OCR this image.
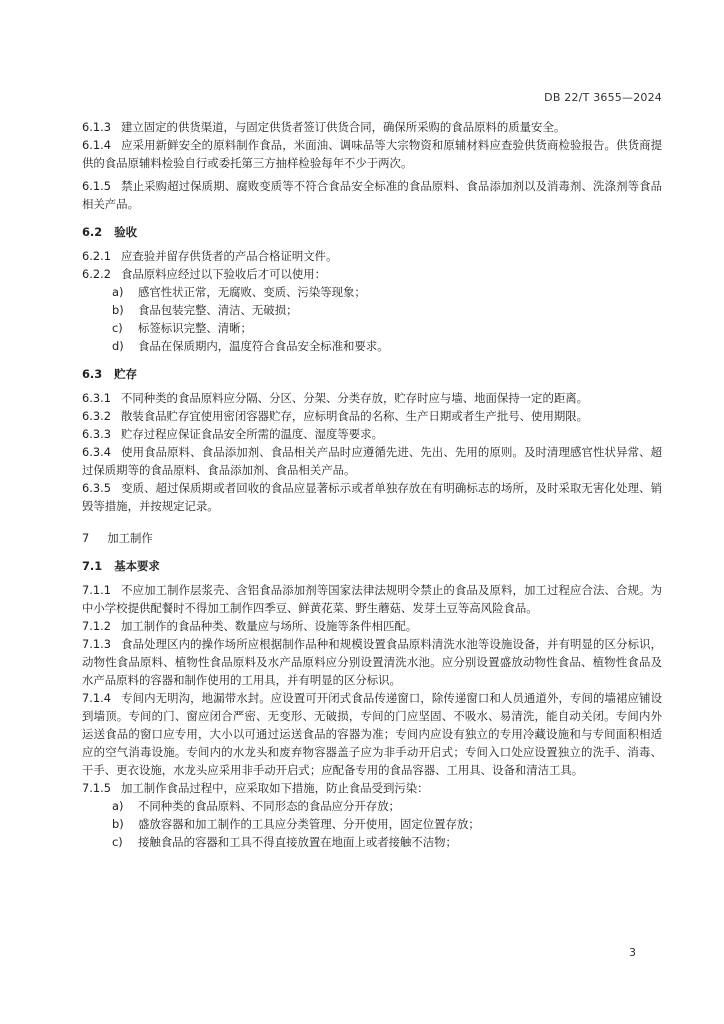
DB 22/T 3655—2024

6.1.3 建立固定的供货渠道，与固定供货者签订供货合同，确保所采购的食品原料的质量安全。

6.1.4 应采用新鲜安全的原料制作食品，米面油、调味品等大宗物资和原辅材料应查验供货商检验报告。供货商提供的食品原辅料检验自行或委托第三方抽样检验每年不少于两次。

6.1.5 禁止采购超过保质期、腐败变质等不符合食品安全标准的食品原料、食品添加剂以及消毒剂、洗涤剂等食品相关产品。

6.2 验收

6.2.1 应查验并留存供货者的产品合格证明文件。

6.2.2 食品原料应经过以下验收后才可以使用：

a) 感官性状正常，无腐败、变质、污染等现象；

b) 食品包装完整、清洁、无破损；

c) 标签标识完整、清晰；

d) 食品在保质期内，温度符合食品安全标准和要求。

6.3 贮存

6.3.1 不同种类的食品原料应分隔、分区、分架、分类存放，贮存时应与墙、地面保持一定的距离。

6.3.2 散装食品贮存宜使用密闭容器贮存，应标明食品的名称、生产日期或者生产批号、使用期限。

6.3.3 贮存过程应保证食品安全所需的温度、湿度等要求。

6.3.4 使用食品原料、食品添加剂、食品相关产品时应遵循先进、先出、先用的原则。及时清理感官性状异常、超过保质期等的食品原料、食品添加剂、食品相关产品。

6.3.5 变质、超过保质期或者回收的食品应显著标示或者单独存放在有明确标志的场所，及时采取无害化处理、销毁等措施，并按规定记录。

7 加工制作

7.1 基本要求

7.1.1 不应加工制作层浆壳、含铝食品添加剂等国家法律法规明令禁止的食品及原料，加工过程应合法、合规。为中小学校提供配餐时不得加工制作四季豆、鲜黄花菜、野生蘑菇、发芽土豆等高风险食品。

7.1.2 加工制作的食品种类、数量应与场所、设施等条件相匹配。

7.1.3 食品处理区内的操作场所应根据制作品种和规模设置食品原料清洗水池等设施设备，并有明显的区分标识，动物性食品原料、植物性食品原料及水产品原料应分别设置清洗水池。应分别设置盛放动物性食品、植物性食品及水产品原料的容器和制作使用的工用具，并有明显的区分标识。

7.1.4 专间内无明沟，地漏带水封。应设置可开闭式食品传递窗口，除传递窗口和人员通道外，专间的墙裙应铺设到墙顶。专间的门、窗应闭合严密、无变形、无破损，专间的门应坚固、不吸水、易清洗，能自动关闭。专间内外运送食品的窗口应专用，大小以可通过运送食品的容器为准；专间内应设有独立的专用冷藏设施和与专间面积相适应的空气消毒设施。专间内的水龙头和废弃物容器盖子应为非手动开启式；专间入口处应设置独立的洗手、消毒、干手、更衣设施，水龙头应采用非手动开启式；应配备专用的食品容器、工用具、设备和清洁工具。

7.1.5 加工制作食品过程中，应采取如下措施，防止食品受到污染：

a) 不同种类的食品原料、不同形态的食品应分开存放；

b) 盛放容器和加工制作的工具应分类管理、分开使用，固定位置存放；

c) 接触食品的容器和工具不得直接放置在地面上或者接触不洁物；

3
